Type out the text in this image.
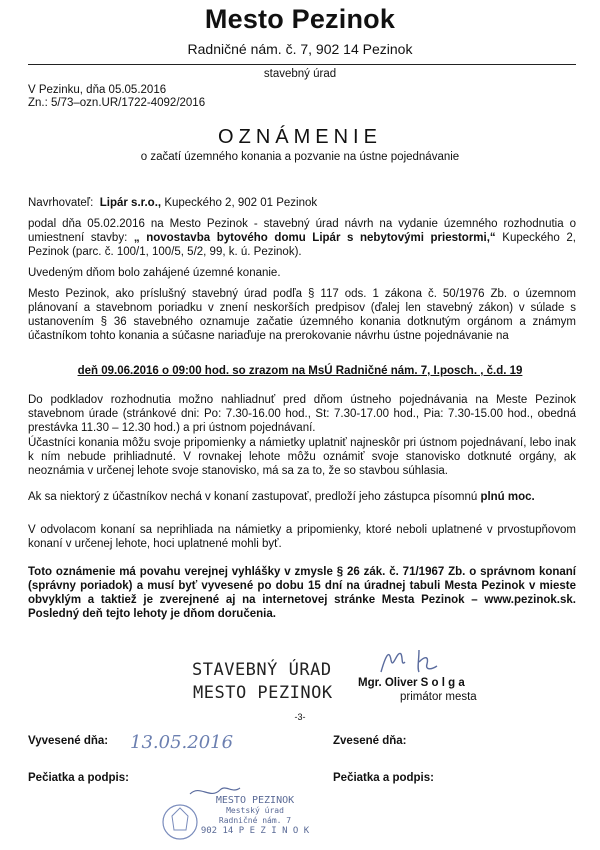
Mesto Pezinok
Radničné nám. č. 7, 902 14 Pezinok
stavebný úrad
V Pezinku, dňa 05.05.2016
Zn.: 5/73–ozn.UR/1722-4092/2016
OZNÁMENIE
o začatí územného konania a pozvanie na ústne pojednávanie
Navrhovateľ: Lipár s.r.o., Kupeckého 2, 902 01 Pezinok
podal dňa 05.02.2016 na Mesto Pezinok - stavebný úrad návrh na vydanie územného rozhodnutia o umiestnení stavby: „ novostavba bytového domu Lipár s nebytovými priestormi,“ Kupeckého 2, Pezinok (parc. č. 100/1, 100/5, 5/2, 99, k. ú. Pezinok).
Uvedeným dňom bolo zahájené územné konanie.
Mesto Pezinok, ako príslušný stavebný úrad podľa § 117 ods. 1 zákona č. 50/1976 Zb. o územnom plánovaní a stavebnom poriadku v znení neskorších predpisov (ďalej len stavebný zákon) v súlade s ustanovením § 36 stavebného oznamuje začatie územného konania dotknutým orgánom a známym účastníkom tohto konania a súčasne nariaďuje na prerokovanie návrhu ústne pojednávanie na
deň 09.06.2016 o 09:00 hod. so zrazom na MsÚ Radničné nám. 7, I.posch. , č.d. 19
Do podkladov rozhodnutia možno nahliadnuť pred dňom ústneho pojednávania na Meste Pezinok stavebnom úrade (stránkové dni: Po: 7.30-16.00 hod., St: 7.30-17.00 hod., Pia: 7.30-15.00 hod., obedná prestávka 11.30 – 12.30 hod.) a pri ústnom pojednávaní.
Účastníci konania môžu svoje pripomienky a námietky uplatniť najneskôr pri ústnom pojednávaní, lebo inak k ním nebude prihliadnuté. V rovnakej lehote môžu oznámiť svoje stanovisko dotknuté orgány, ak neoznámia v určenej lehote svoje stanovisko, má sa za to, že so stavbou súhlasia.
Ak sa niektorý z účastníkov nechá v konaní zastupovať, predloží jeho zástupca písomnú plnú moc.
V odvolacom konaní sa neprihliada na námietky a pripomienky, ktoré neboli uplatnené v prvostupňovom konaní v určenej lehote, hoci uplatnené mohli byť.
Toto oznámenie má povahu verejnej vyhlášky v zmysle § 26 zák. č. 71/1967 Zb. o správnom konaní (správny poriadok) a musí byť vyvesené po dobu 15 dní na úradnej tabuli Mesta Pezinok v mieste obvyklým a taktiež je zverejnené aj na internetovej stránke Mesta Pezinok – www.pezinok.sk. Posledný deň tejto lehoty je dňom doručenia.
STAVEBNÝ ÚRAD
MESTO PEZINOK Mgr. Oliver S o l g a
primátor mesta
-3-
Vyvesené dňa: 13.05.2016	Zvesené dňa:
Pečiatka a podpis:	Pečiatka a podpis:
MESTO PEZINOK
Mestský úrad
Radničné nám. 7
902 14 P E Z I N O K
